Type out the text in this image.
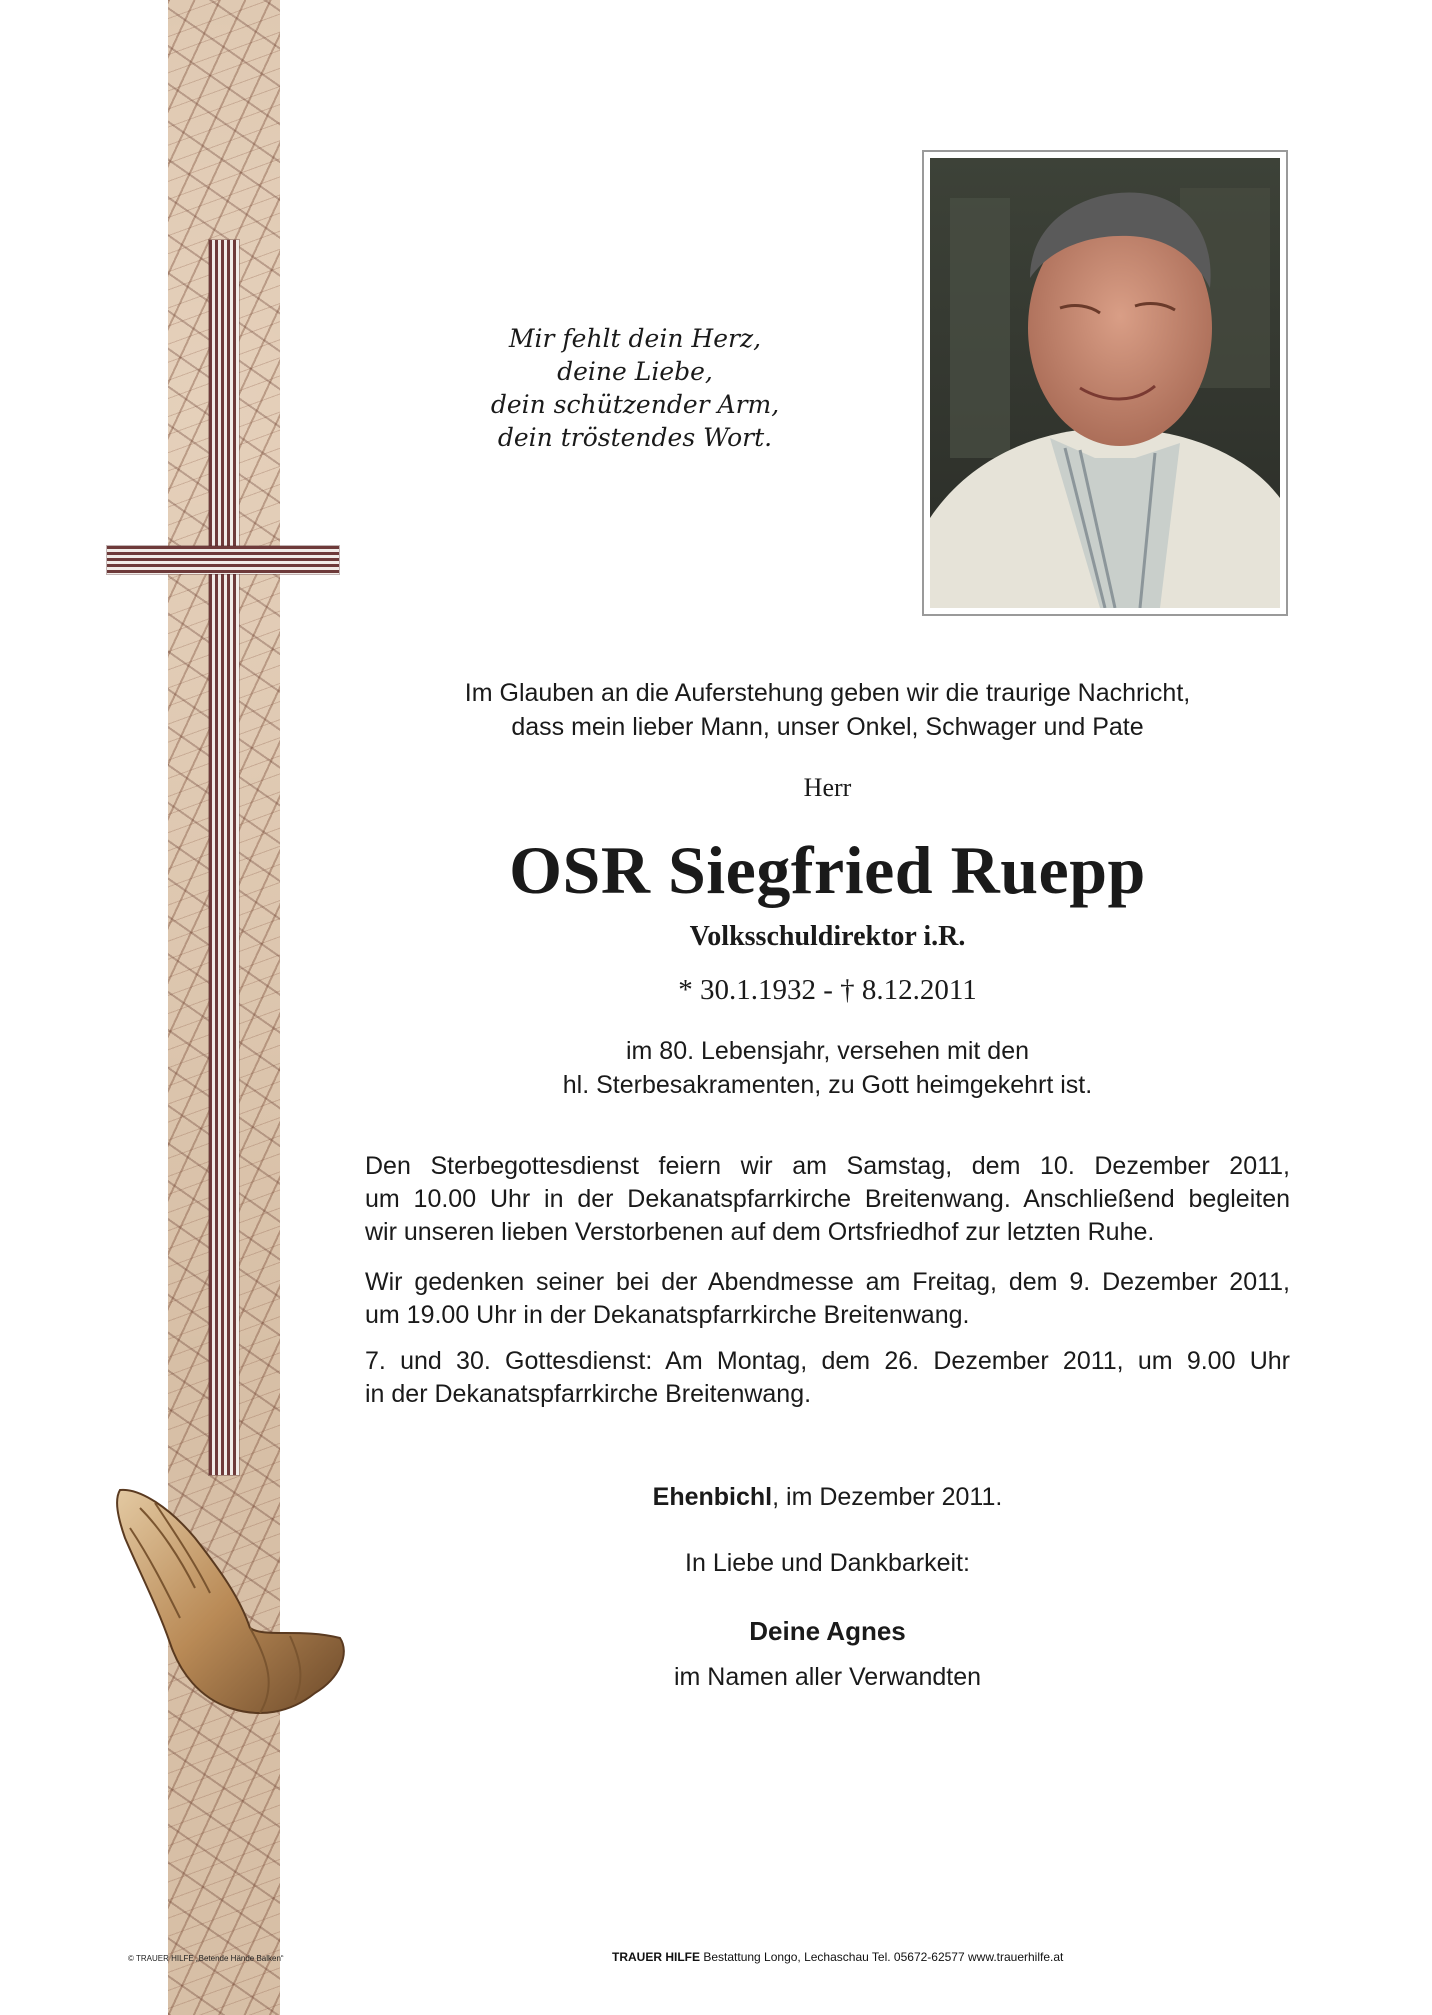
Mir fehlt dein Herz,
deine Liebe,
dein schützender Arm,
dein tröstendes Wort.
Im Glauben an die Auferstehung geben wir die traurige Nachricht,
dass mein lieber Mann, unser Onkel, Schwager und Pate
Herr
OSR Siegfried Ruepp
Volksschuldirektor i.R.
* 30.1.1932 - † 8.12.2011
im 80. Lebensjahr, versehen mit den
hl. Sterbesakramenten, zu Gott heimgekehrt ist.
Den Sterbegottesdienst feiern wir am Samstag, dem 10. Dezember 2011,
um 10.00 Uhr in der Dekanatspfarrkirche Breitenwang. Anschließend begleiten
wir unseren lieben Verstorbenen auf dem Ortsfriedhof zur letzten Ruhe.
Wir gedenken seiner bei der Abendmesse am Freitag, dem 9. Dezember 2011,
um 19.00 Uhr in der Dekanatspfarrkirche Breitenwang.
7. und 30. Gottesdienst: Am Montag, dem 26. Dezember 2011, um 9.00 Uhr
in der Dekanatspfarrkirche Breitenwang.
Ehenbichl, im Dezember 2011.
In Liebe und Dankbarkeit:
Deine Agnes
im Namen aller Verwandten
© TRAUER HILFE „Betende Hände Balken“	TRAUER HILFE Bestattung Longo, Lechaschau Tel. 05672-62577 www.trauerhilfe.at
